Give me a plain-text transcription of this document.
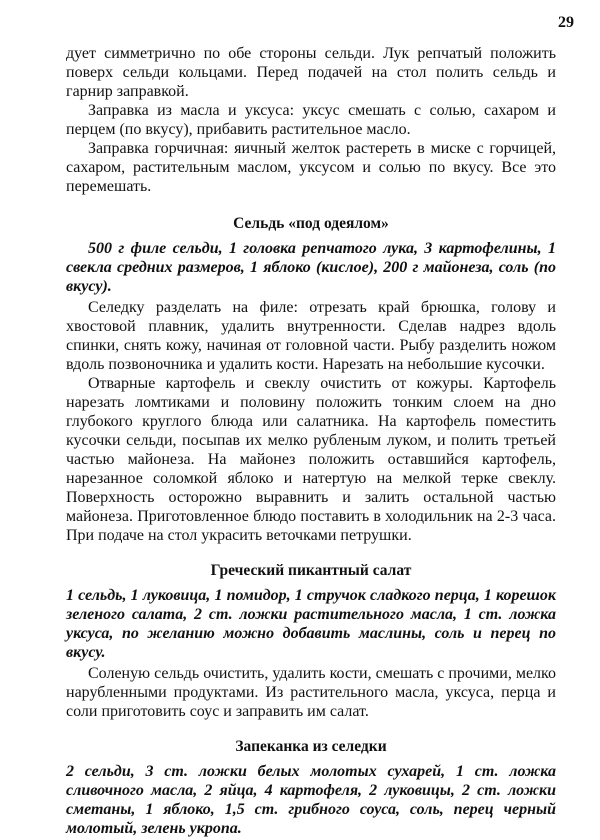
29

дует симметрично по обе стороны сельди. Лук репчатый положить поверх сельди кольцами. Перед подачей на стол полить сельдь и гарнир заправкой.

Заправка из масла и уксуса: уксус смешать с солью, сахаром и перцем (по вкусу), прибавить растительное масло.

Заправка горчичная: яичный желток растереть в миске с горчицей, сахаром, растительным маслом, уксусом и солью по вкусу. Все это перемешать.

Сельдь «под одеялом»

500 г филе сельди, 1 головка репчатого лука, 3 картофелины, 1 свекла средних размеров, 1 яблоко (кислое), 200 г майонеза, соль (по вкусу).

Селедку разделать на филе: отрезать край брюшка, голову и хвостовой плавник, удалить внутренности. Сделав надрез вдоль спинки, снять кожу, начиная от головной части. Рыбу разделить ножом вдоль позвоночника и удалить кости. Нарезать на небольшие кусочки.

Отварные картофель и свеклу очистить от кожуры. Картофель нарезать ломтиками и половину положить тонким слоем на дно глубокого круглого блюда или салатника. На картофель поместить кусочки сельди, посыпав их мелко рубленым луком, и полить третьей частью майонеза. На майонез положить оставшийся картофель, нарезанное соломкой яблоко и натертую на мелкой терке свеклу. Поверхность осторожно выравнить и залить остальной частью майонеза. Приготовленное блюдо поставить в холодильник на 2-3 часа. При подаче на стол украсить веточками петрушки.

Греческий пикантный салат

1 сельдь, 1 луковица, 1 помидор, 1 стручок сладкого перца, 1 корешок зеленого салата, 2 ст. ложки растительного масла, 1 ст. ложка уксуса, по желанию можно добавить маслины, соль и перец по вкусу.

Соленую сельдь очистить, удалить кости, смешать с прочими, мелко нарубленными продуктами. Из растительного масла, уксуса, перца и соли приготовить соус и заправить им салат.

Запеканка из селедки

2 сельди, 3 ст. ложки белых молотых сухарей, 1 ст. ложка сливочного масла, 2 яйца, 4 картофеля, 2 луковицы, 2 ст. ложки сметаны, 1 яблоко, 1,5 ст. грибного соуса, соль, перец черный молотый, зелень укропа.
